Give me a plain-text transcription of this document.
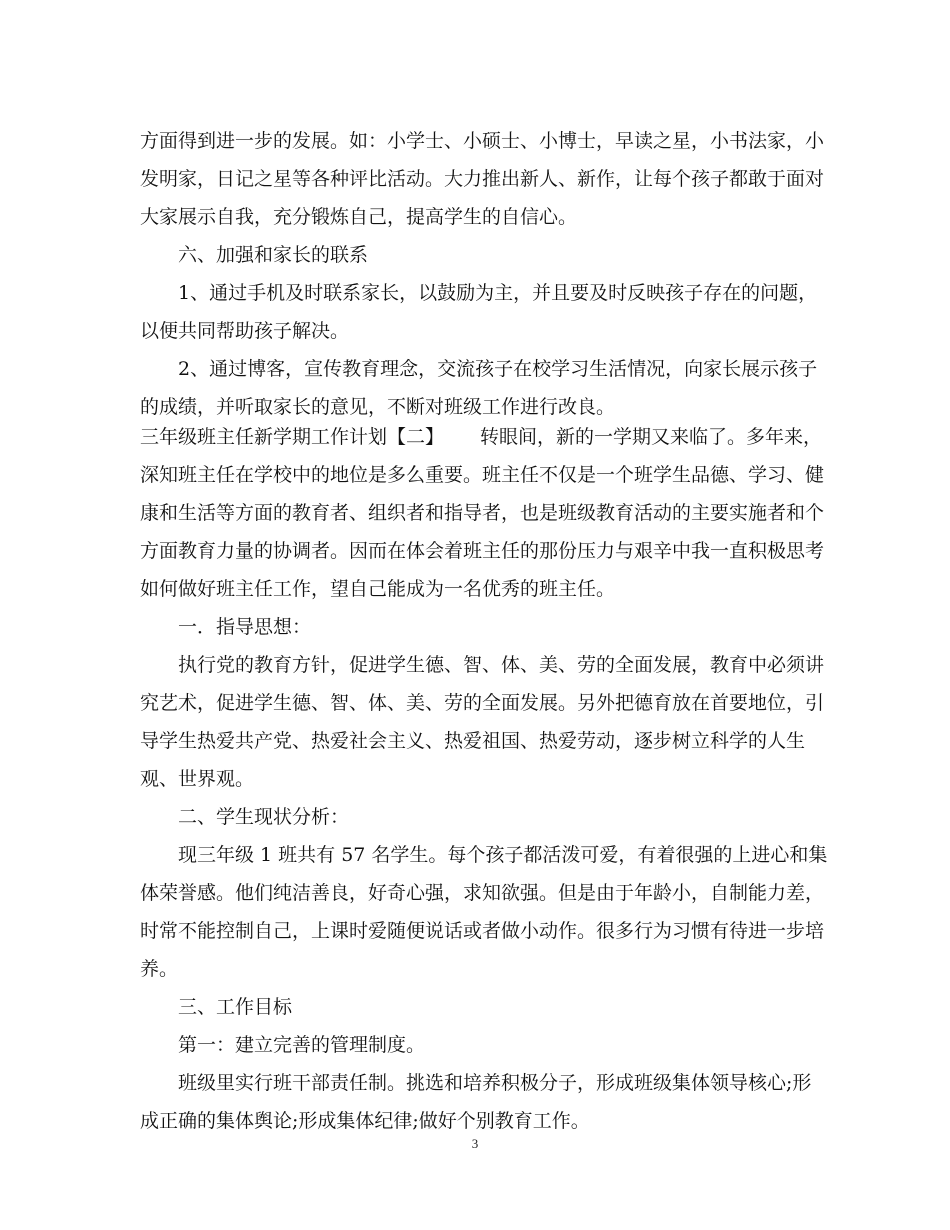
方面得到进一步的发展。如：小学士、小硕士、小博士，早读之星，小书法家，小
发明家，日记之星等各种评比活动。大力推出新人、新作，让每个孩子都敢于面对
大家展示自我，充分锻炼自己，提高学生的自信心。
六、加强和家长的联系
1、通过手机及时联系家长，以鼓励为主，并且要及时反映孩子存在的问题，
以便共同帮助孩子解决。
2、通过博客，宣传教育理念，交流孩子在校学习生活情况，向家长展示孩子
的成绩，并听取家长的意见，不断对班级工作进行改良。
三年级班主任新学期工作计划【二】 转眼间，新的一学期又来临了。多年来，
深知班主任在学校中的地位是多么重要。班主任不仅是一个班学生品德、学习、健
康和生活等方面的教育者、组织者和指导者，也是班级教育活动的主要实施者和个
方面教育力量的协调者。因而在体会着班主任的那份压力与艰辛中我一直积极思考
如何做好班主任工作，望自己能成为一名优秀的班主任。
一．指导思想：
执行党的教育方针，促进学生德、智、体、美、劳的全面发展，教育中必须讲
究艺术，促进学生德、智、体、美、劳的全面发展。另外把德育放在首要地位，引
导学生热爱共产党、热爱社会主义、热爱祖国、热爱劳动，逐步树立科学的人生
观、世界观。
二、学生现状分析：
现三年级 1 班共有 57 名学生。每个孩子都活泼可爱，有着很强的上进心和集
体荣誉感。他们纯洁善良，好奇心强，求知欲强。但是由于年龄小，自制能力差，
时常不能控制自己，上课时爱随便说话或者做小动作。很多行为习惯有待进一步培
养。
三、工作目标
第一：建立完善的管理制度。
班级里实行班干部责任制。挑选和培养积极分子，形成班级集体领导核心;形
成正确的集体舆论;形成集体纪律;做好个别教育工作。
3
